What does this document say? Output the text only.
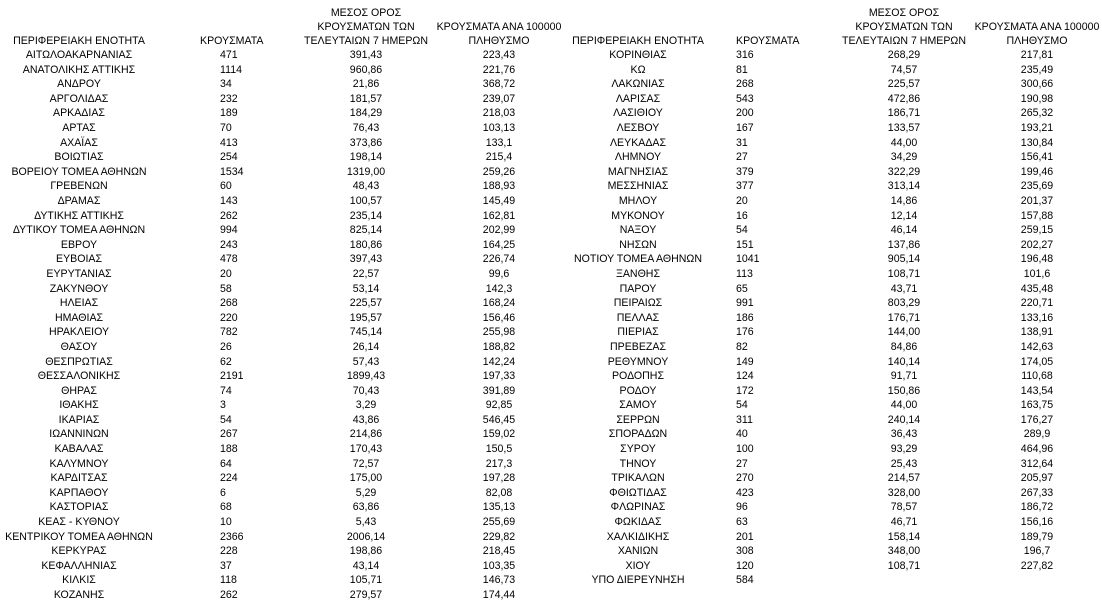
ΠΕΡΙΦΕΡΕΙΑΚΗ ΕΝΟΤΗΤΑ	ΚΡΟΥΣΜΑΤΑ	ΜΕΣΟΣ ΟΡΟΣ ΚΡΟΥΣΜΑΤΩΝ ΤΩΝ ΤΕΛΕΥΤΑΙΩΝ 7 ΗΜΕΡΩΝ	ΚΡΟΥΣΜΑΤΑ ΑΝΑ 100000 ΠΛΗΘΥΣΜΟ
ΑΙΤΩΛΟΑΚΑΡΝΑΝΙΑΣ	471	391,43	223,43
ΑΝΑΤΟΛΙΚΗΣ ΑΤΤΙΚΗΣ	1114	960,86	221,76
ΑΝΔΡΟΥ	34	21,86	368,72
ΑΡΓΟΛΙΔΑΣ	232	181,57	239,07
ΑΡΚΑΔΙΑΣ	189	184,29	218,03
ΑΡΤΑΣ	70	76,43	103,13
ΑΧΑΪΑΣ	413	373,86	133,1
ΒΟΙΩΤΙΑΣ	254	198,14	215,4
ΒΟΡΕΙΟΥ ΤΟΜΕΑ ΑΘΗΝΩΝ	1534	1319,00	259,26
ΓΡΕΒΕΝΩΝ	60	48,43	188,93
ΔΡΑΜΑΣ	143	100,57	145,49
ΔΥΤΙΚΗΣ ΑΤΤΙΚΗΣ	262	235,14	162,81
ΔΥΤΙΚΟΥ ΤΟΜΕΑ ΑΘΗΝΩΝ	994	825,14	202,99
ΕΒΡΟΥ	243	180,86	164,25
ΕΥΒΟΙΑΣ	478	397,43	226,74
ΕΥΡΥΤΑΝΙΑΣ	20	22,57	99,6
ΖΑΚΥΝΘΟΥ	58	53,14	142,3
ΗΛΕΙΑΣ	268	225,57	168,24
ΗΜΑΘΙΑΣ	220	195,57	156,46
ΗΡΑΚΛΕΙΟΥ	782	745,14	255,98
ΘΑΣΟΥ	26	26,14	188,82
ΘΕΣΠΡΩΤΙΑΣ	62	57,43	142,24
ΘΕΣΣΑΛΟΝΙΚΗΣ	2191	1899,43	197,33
ΘΗΡΑΣ	74	70,43	391,89
ΙΘΑΚΗΣ	3	3,29	92,85
ΙΚΑΡΙΑΣ	54	43,86	546,45
ΙΩΑΝΝΙΝΩΝ	267	214,86	159,02
ΚΑΒΑΛΑΣ	188	170,43	150,5
ΚΑΛΥΜΝΟΥ	64	72,57	217,3
ΚΑΡΔΙΤΣΑΣ	224	175,00	197,28
ΚΑΡΠΑΘΟΥ	6	5,29	82,08
ΚΑΣΤΟΡΙΑΣ	68	63,86	135,13
ΚΕΑΣ - ΚΥΘΝΟΥ	10	5,43	255,69
ΚΕΝΤΡΙΚΟΥ ΤΟΜΕΑ ΑΘΗΝΩΝ	2366	2006,14	229,82
ΚΕΡΚΥΡΑΣ	228	198,86	218,45
ΚΕΦΑΛΛΗΝΙΑΣ	37	43,14	103,35
ΚΙΛΚΙΣ	118	105,71	146,73
ΚΟΖΑΝΗΣ	262	279,57	174,44
ΠΕΡΙΦΕΡΕΙΑΚΗ ΕΝΟΤΗΤΑ	ΚΡΟΥΣΜΑΤΑ	ΜΕΣΟΣ ΟΡΟΣ ΚΡΟΥΣΜΑΤΩΝ ΤΩΝ ΤΕΛΕΥΤΑΙΩΝ 7 ΗΜΕΡΩΝ	ΚΡΟΥΣΜΑΤΑ ΑΝΑ 100000 ΠΛΗΘΥΣΜΟ
ΚΟΡΙΝΘΙΑΣ	316	268,29	217,81
ΚΩ	81	74,57	235,49
ΛΑΚΩΝΙΑΣ	268	225,57	300,66
ΛΑΡΙΣΑΣ	543	472,86	190,98
ΛΑΣΙΘΙΟΥ	200	186,71	265,32
ΛΕΣΒΟΥ	167	133,57	193,21
ΛΕΥΚΑΔΑΣ	31	44,00	130,84
ΛΗΜΝΟΥ	27	34,29	156,41
ΜΑΓΝΗΣΙΑΣ	379	322,29	199,46
ΜΕΣΣΗΝΙΑΣ	377	313,14	235,69
ΜΗΛΟΥ	20	14,86	201,37
ΜΥΚΟΝΟΥ	16	12,14	157,88
ΝΑΞΟΥ	54	46,14	259,15
ΝΗΣΩΝ	151	137,86	202,27
ΝΟΤΙΟΥ ΤΟΜΕΑ ΑΘΗΝΩΝ	1041	905,14	196,48
ΞΑΝΘΗΣ	113	108,71	101,6
ΠΑΡΟΥ	65	43,71	435,48
ΠΕΙΡΑΙΩΣ	991	803,29	220,71
ΠΕΛΛΑΣ	186	176,71	133,16
ΠΙΕΡΙΑΣ	176	144,00	138,91
ΠΡΕΒΕΖΑΣ	82	84,86	142,63
ΡΕΘΥΜΝΟΥ	149	140,14	174,05
ΡΟΔΟΠΗΣ	124	91,71	110,68
ΡΟΔΟΥ	172	150,86	143,54
ΣΑΜΟΥ	54	44,00	163,75
ΣΕΡΡΩΝ	311	240,14	176,27
ΣΠΟΡΑΔΩΝ	40	36,43	289,9
ΣΥΡΟΥ	100	93,29	464,96
ΤΗΝΟΥ	27	25,43	312,64
ΤΡΙΚΑΛΩΝ	270	214,57	205,97
ΦΘΙΩΤΙΔΑΣ	423	328,00	267,33
ΦΛΩΡΙΝΑΣ	96	78,57	186,72
ΦΩΚΙΔΑΣ	63	46,71	156,16
ΧΑΛΚΙΔΙΚΗΣ	201	158,14	189,79
ΧΑΝΙΩΝ	308	348,00	196,7
ΧΙΟΥ	120	108,71	227,82
ΥΠΟ ΔΙΕΡΕΥΝΗΣΗ	584		
